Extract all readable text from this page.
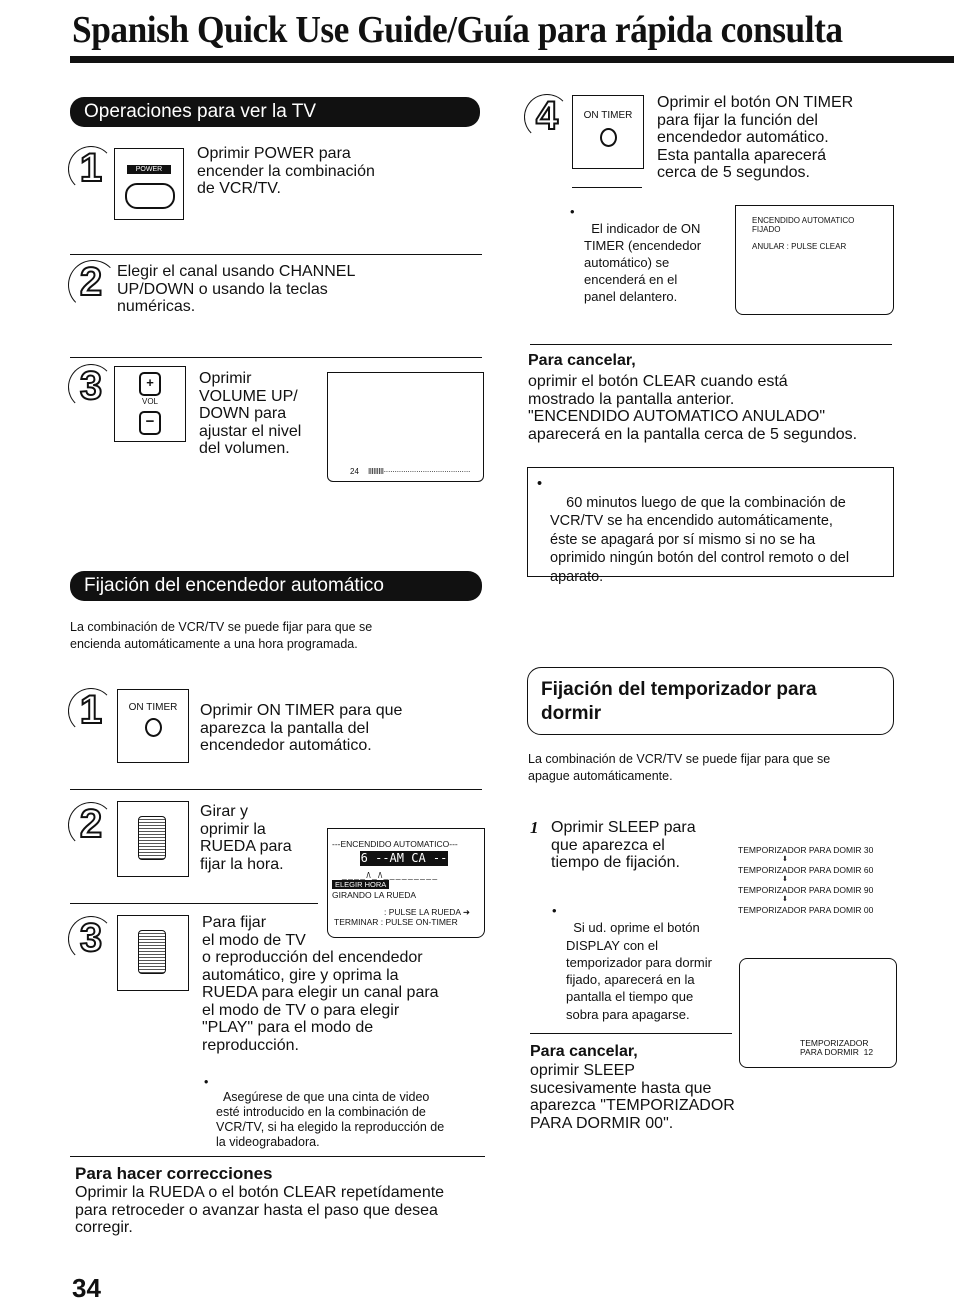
Spanish Quick Use Guide/Guía para rápida consulta
Operaciones para ver la TV
1	POWER
Oprimir POWER para
encender la combinación
de VCR/TV.
2 Elegir el canal usando CHANNEL
UP/DOWN o usando la teclas
numéricas.
3	+
VOL
−
Oprimir
VOLUME UP/
DOWN para
ajustar el nivel
del volumen.
24 IIIIIIIII········································
Fijación del encendedor automático
La combinación de VCR/TV se puede fijar para que se
encienda automáticamente a una hora programada.
1	ON TIMER	Oprimir ON TIMER para que
aparezca la pantalla del
encendedor automático.
2	Girar y
oprimir la
RUEDA para
fijar la hora.
---ENCENDIDO AUTOMATICO---
6 --AM CA --
_ _ _ _ /\ _ /\ _ _ _ _ _ _ _ _ _
ELEGIR HORA
GIRANDO LA RUEDA
: PULSE LA RUEDA ➜
TERMINAR : PULSE ON-TIMER
3	Para fijar
el modo de TV
o reproducción del encendedor
automático, gire y oprima la
RUEDA para elegir un canal para
el modo de TV o para elegir
"PLAY" para el modo de
reproducción.

•
Asegúrese de que una cinta de video
esté introducido en la combinación de
VCR/TV, si ha elegido la reproducción de
la videograbadora.

Para hacer correcciones
Oprimir la RUEDA o el botón CLEAR repetídamente
para retroceder o avanzar hasta el paso que desea
corregir.
34
4	ON TIMER
Oprimir el botón ON TIMER
para fijar la función del
encendedor automático.
Esta pantalla aparecerá
cerca de 5 segundos.

•
El indicador de ON
TIMER (encendedor
automático) se
encenderá en el
panel delantero.

ENCENDIDO AUTOMATICO
FIJADO
ANULAR : PULSE CLEAR
Para cancelar,
oprimir el botón CLEAR cuando está
mostrado la pantalla anterior.
"ENCENDIDO AUTOMATICO ANULADO"
aparecerá en la pantalla cerca de 5 segundos.

•
60 minutos luego de que la combinación de
VCR/TV se ha encendido automáticamente,
éste se apagará por sí mismo si no se ha
oprimido ningún botón del control remoto o del
aparato.

Fijación del temporizador para
dormir
La combinación de VCR/TV se puede fijar para que se
apague automáticamente.
1 Oprimir SLEEP para
que aparezca el
tiempo de fijación.
TEMPORIZADOR PARA DOMIR 30
⬇
TEMPORIZADOR PARA DOMIR 60
⬇
TEMPORIZADOR PARA DOMIR 90
⬇
TEMPORIZADOR PARA DOMIR 00

•
Si ud. oprime el botón
DISPLAY con el
temporizador para dormir
fijado, aparecerá en la
pantalla el tiempo que
sobra para apagarse.

TEMPORIZADOR
PARA DORMIR  12
Para cancelar,
oprimir SLEEP
sucesivamente hasta que
aparezca "TEMPORIZADOR
PARA DORMIR 00".
